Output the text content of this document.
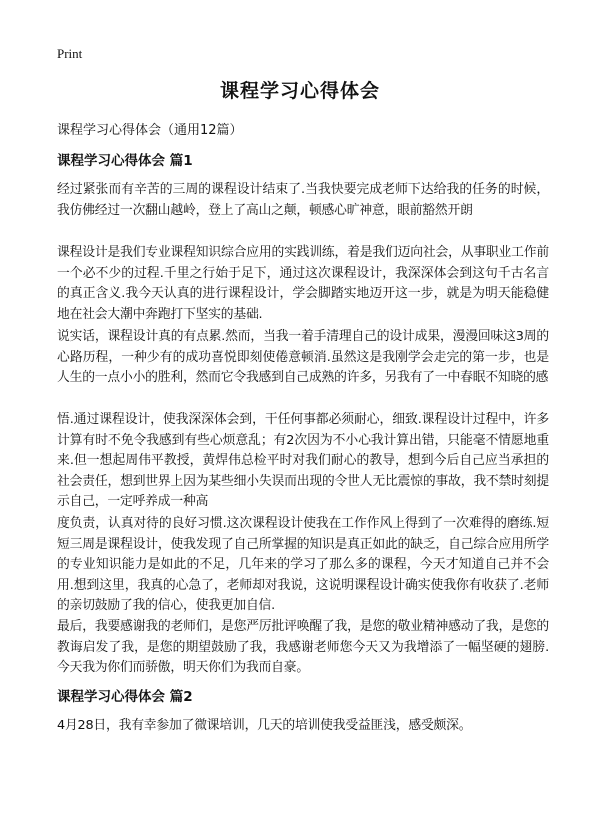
Print
课程学习心得体会

课程学习心得体会（通用12篇）

课程学习心得体会 篇1

经过紧张而有辛苦的三周的课程设计结束了.当我快要完成老师下达给我的任务的时候，我仿佛经过一次翻山越岭，登上了高山之颠，顿感心旷神意，眼前豁然开朗

课程设计是我们专业课程知识综合应用的实践训练，着是我们迈向社会，从事职业工作前一个必不少的过程.千里之行始于足下，通过这次课程设计，我深深体会到这句千古名言的真正含义.我今天认真的进行课程设计，学会脚踏实地迈开这一步，就是为明天能稳健地在社会大潮中奔跑打下坚实的基础.

说实话，课程设计真的有点累.然而，当我一着手清理自己的设计成果，漫漫回味这3周的心路历程，一种少有的成功喜悦即刻使倦意顿消.虽然这是我刚学会走完的第一步，也是人生的一点小小的胜利，然而它令我感到自己成熟的许多，另我有了一中春眠不知晓的感

悟.通过课程设计，使我深深体会到，干任何事都必须耐心，细致.课程设计过程中，许多计算有时不免令我感到有些心烦意乱；有2次因为不小心我计算出错，只能毫不情愿地重来.但一想起周伟平教授，黄焊伟总检平时对我们耐心的教导，想到今后自己应当承担的社会责任，想到世界上因为某些细小失误而出现的令世人无比震惊的事故，我不禁时刻提示自己，一定呼养成一种高

度负责，认真对待的良好习惯.这次课程设计使我在工作作风上得到了一次难得的磨练.短短三周是课程设计，使我发现了自己所掌握的知识是真正如此的缺乏，自己综合应用所学的专业知识能力是如此的不足，几年来的学习了那么多的课程，今天才知道自己并不会用.想到这里，我真的心急了，老师却对我说，这说明课程设计确实使我你有收获了.老师的亲切鼓励了我的信心，使我更加自信.

最后，我要感谢我的老师们，是您严厉批评唤醒了我，是您的敬业精神感动了我，是您的教诲启发了我，是您的期望鼓励了我，我感谢老师您今天又为我增添了一幅坚硬的翅膀.今天我为你们而骄傲，明天你们为我而自豪。

课程学习心得体会 篇2

4月28日，我有幸参加了微课培训，几天的培训使我受益匪浅，感受颇深。
